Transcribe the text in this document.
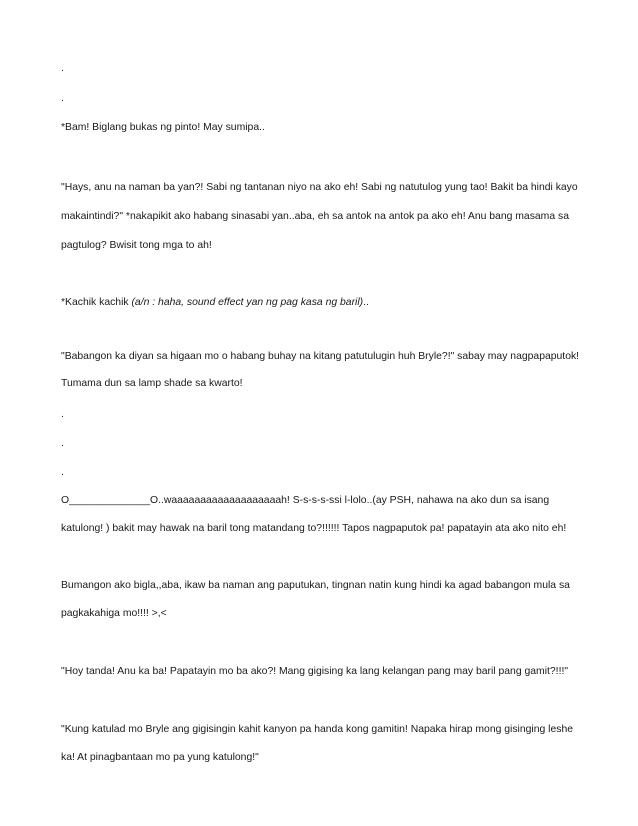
.
.
*Bam! Biglang bukas ng pinto! May sumipa..
"Hays, anu na naman ba yan?! Sabi ng tantanan niyo na ako eh! Sabi ng natutulog yung tao! Bakit ba hindi kayo
makaintindi?" *nakapikit ako habang sinasabi yan..aba, eh sa antok na antok pa ako eh! Anu bang masama sa
pagtulog? Bwisit tong mga to ah!
*Kachik kachik (a/n : haha, sound effect yan ng pag kasa ng baril)..
"Babangon ka diyan sa higaan mo o habang buhay na kitang patutulugin huh Bryle?!" sabay may nagpapaputok!
Tumama dun sa lamp shade sa kwarto!
.
.
.
O______________O..waaaaaaaaaaaaaaaaaaah! S-s-s-s-ssi l-lolo..(ay PSH, nahawa na ako dun sa isang
katulong! ) bakit may hawak na baril tong matandang to?!!!!!! Tapos nagpaputok pa! papatayin ata ako nito eh!
Bumangon ako bigla,,aba, ikaw ba naman ang paputukan, tingnan natin kung hindi ka agad babangon mula sa
pagkakahiga mo!!!! >,<
"Hoy tanda! Anu ka ba! Papatayin mo ba ako?! Mang gigising ka lang kelangan pang may baril pang gamit?!!!"
"Kung katulad mo Bryle ang gigisingin kahit kanyon pa handa kong gamitin! Napaka hirap mong gisinging leshe
ka! At pinagbantaan mo pa yung katulong!"
